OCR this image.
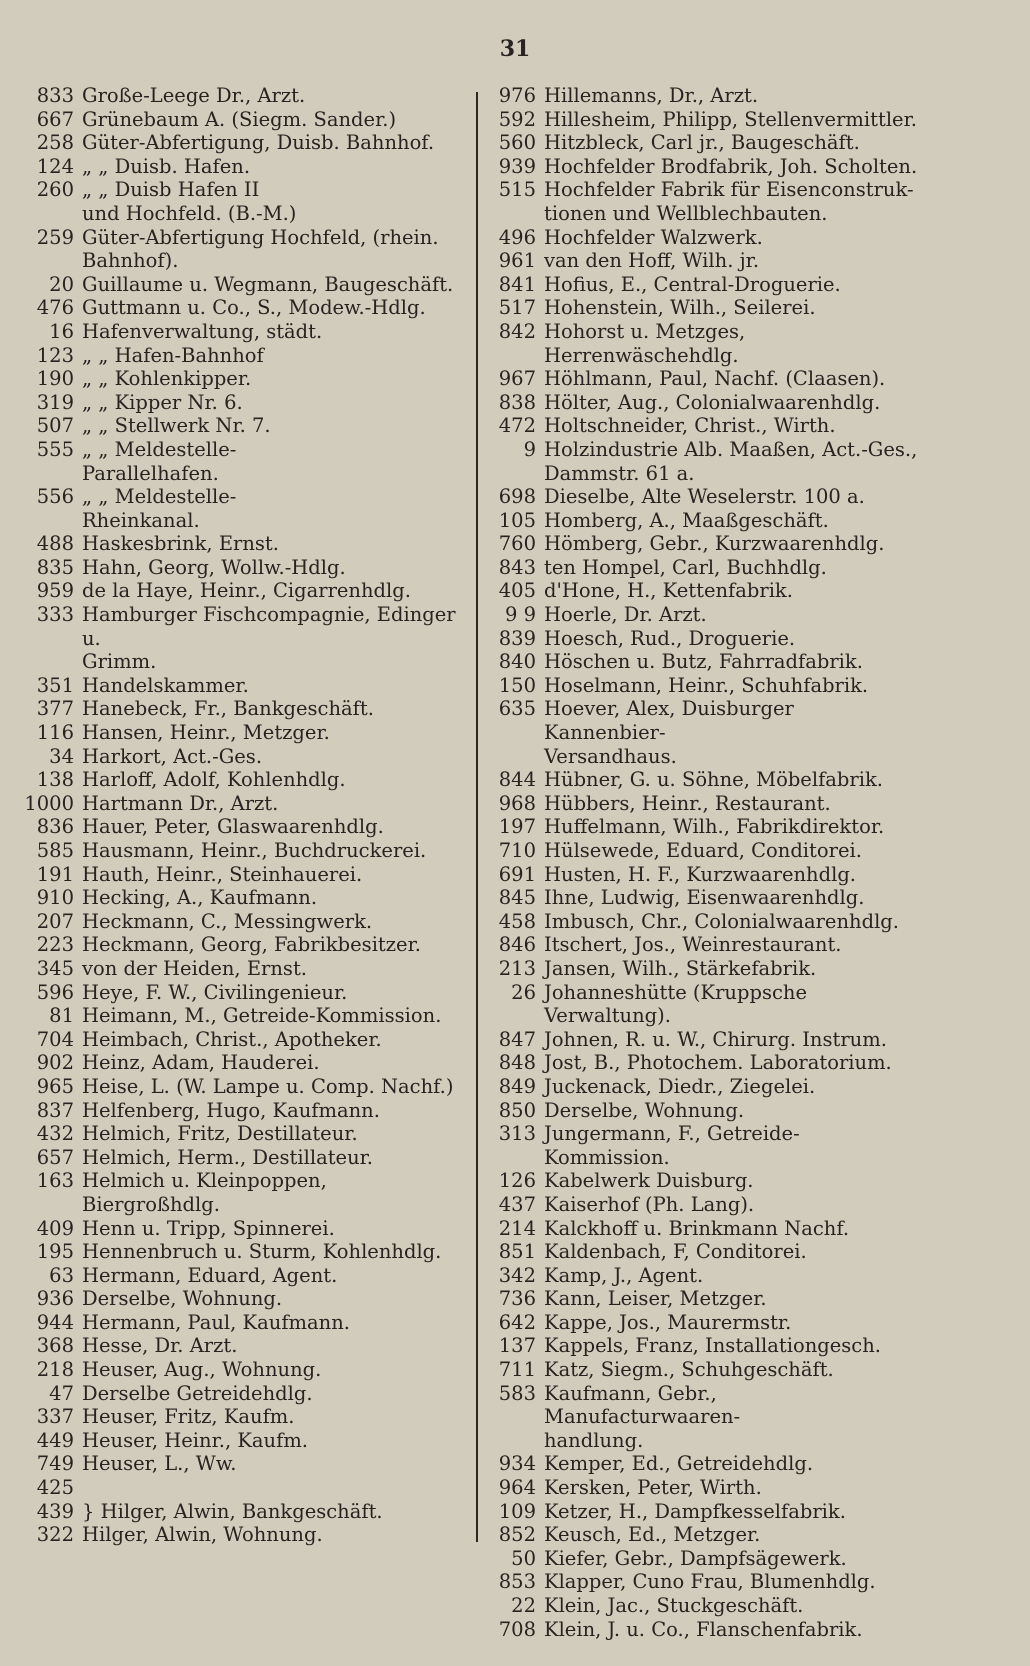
31
833 Große-Leege Dr., Arzt.
667 Grünebaum A. (Siegm. Sander.)
258 Güter-Abfertigung, Duisb. Bahnhof.
124 „ „ Duisb. Hafen.
260 „ „ Duisb Hafen II
und Hochfeld. (B.-M.)
259 Güter-Abfertigung Hochfeld, (rhein.
Bahnhof).
20 Guillaume u. Wegmann, Baugeschäft.
476 Guttmann u. Co., S., Modew.-Hdlg.
16 Hafenverwaltung, städt.
123 „ „ Hafen-Bahnhof
190 „ „ Kohlenkipper.
319 „ „ Kipper Nr. 6.
507 „ „ Stellwerk Nr. 7.
555 „ „ Meldestelle-
Parallelhafen.
556 „ „ Meldestelle-
Rheinkanal.
488 Haskesbrink, Ernst.
835 Hahn, Georg, Wollw.-Hdlg.
959 de la Haye, Heinr., Cigarrenhdlg.
333 Hamburger Fischcompagnie, Edinger u.
Grimm.
351 Handelskammer.
377 Hanebeck, Fr., Bankgeschäft.
116 Hansen, Heinr., Metzger.
34 Harkort, Act.-Ges.
138 Harloff, Adolf, Kohlenhdlg.
1000 Hartmann Dr., Arzt.
836 Hauer, Peter, Glaswaarenhdlg.
585 Hausmann, Heinr., Buchdruckerei.
191 Hauth, Heinr., Steinhauerei.
910 Hecking, A., Kaufmann.
207 Heckmann, C., Messingwerk.
223 Heckmann, Georg, Fabrikbesitzer.
345 von der Heiden, Ernst.
596 Heye, F. W., Civilingenieur.
81 Heimann, M., Getreide-Kommission.
704 Heimbach, Christ., Apotheker.
902 Heinz, Adam, Hauderei.
965 Heise, L. (W. Lampe u. Comp. Nachf.)
837 Helfenberg, Hugo, Kaufmann.
432 Helmich, Fritz, Destillateur.
657 Helmich, Herm., Destillateur.
163 Helmich u. Kleinpoppen, Biergroßhdlg.
409 Henn u. Tripp, Spinnerei.
195 Hennenbruch u. Sturm, Kohlenhdlg.
63 Hermann, Eduard, Agent.
936 Derselbe, Wohnung.
944 Hermann, Paul, Kaufmann.
368 Hesse, Dr. Arzt.
218 Heuser, Aug., Wohnung.
47 Derselbe Getreidehdlg.
337 Heuser, Fritz, Kaufm.
449 Heuser, Heinr., Kaufm.
749 Heuser, L., Ww.
425
439 } Hilger, Alwin, Bankgeschäft.
322 Hilger, Alwin, Wohnung.
976 Hillemanns, Dr., Arzt.
592 Hillesheim, Philipp, Stellenvermittler.
560 Hitzbleck, Carl jr., Baugeschäft.
939 Hochfelder Brodfabrik, Joh. Scholten.
515 Hochfelder Fabrik für Eisenconstruk-
tionen und Wellblechbauten.
496 Hochfelder Walzwerk.
961 van den Hoff, Wilh. jr.
841 Hofius, E., Central-Droguerie.
517 Hohenstein, Wilh., Seilerei.
842 Hohorst u. Metzges, Herrenwäschehdlg.
967 Höhlmann, Paul, Nachf. (Claasen).
838 Hölter, Aug., Colonialwaarenhdlg.
472 Holtschneider, Christ., Wirth.
9 Holzindustrie Alb. Maaßen, Act.-Ges.,
Dammstr. 61 a.
698 Dieselbe, Alte Weselerstr. 100 a.
105 Homberg, A., Maaßgeschäft.
760 Hömberg, Gebr., Kurzwaarenhdlg.
843 ten Hompel, Carl, Buchhdlg.
405 d'Hone, H., Kettenfabrik.
9 9 Hoerle, Dr. Arzt.
839 Hoesch, Rud., Droguerie.
840 Höschen u. Butz, Fahrradfabrik.
150 Hoselmann, Heinr., Schuhfabrik.
635 Hoever, Alex, Duisburger Kannenbier-
Versandhaus.
844 Hübner, G. u. Söhne, Möbelfabrik.
968 Hübbers, Heinr., Restaurant.
197 Huffelmann, Wilh., Fabrikdirektor.
710 Hülsewede, Eduard, Conditorei.
691 Husten, H. F., Kurzwaarenhdlg.
845 Ihne, Ludwig, Eisenwaarenhdlg.
458 Imbusch, Chr., Colonialwaarenhdlg.
846 Itschert, Jos., Weinrestaurant.
213 Jansen, Wilh., Stärkefabrik.
26 Johanneshütte (Kruppsche Verwaltung).
847 Johnen, R. u. W., Chirurg. Instrum.
848 Jost, B., Photochem. Laboratorium.
849 Juckenack, Diedr., Ziegelei.
850 Derselbe, Wohnung.
313 Jungermann, F., Getreide-Kommission.
126 Kabelwerk Duisburg.
437 Kaiserhof (Ph. Lang).
214 Kalckhoff u. Brinkmann Nachf.
851 Kaldenbach, F, Conditorei.
342 Kamp, J., Agent.
736 Kann, Leiser, Metzger.
642 Kappe, Jos., Maurermstr.
137 Kappels, Franz, Installationgesch.
711 Katz, Siegm., Schuhgeschäft.
583 Kaufmann, Gebr., Manufacturwaaren-
handlung.
934 Kemper, Ed., Getreidehdlg.
964 Kersken, Peter, Wirth.
109 Ketzer, H., Dampfkesselfabrik.
852 Keusch, Ed., Metzger.
50 Kiefer, Gebr., Dampfsägewerk.
853 Klapper, Cuno Frau, Blumenhdlg.
22 Klein, Jac., Stuckgeschäft.
708 Klein, J. u. Co., Flanschenfabrik.
